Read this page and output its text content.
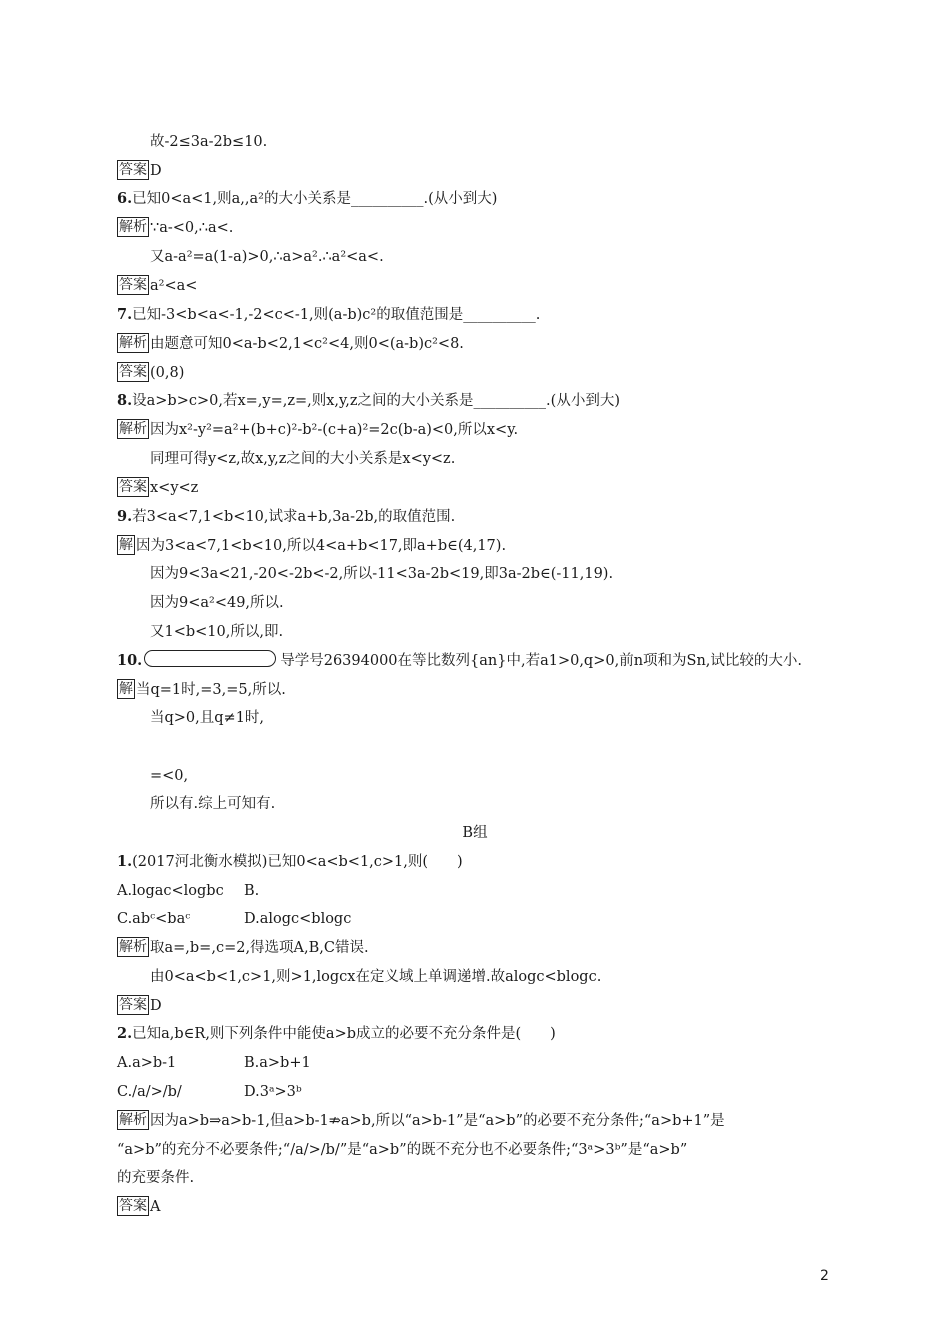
故-2≤3a-2b≤10.
答案 D
6.已知0<a<1,则a,,a²的大小关系是__________.(从小到大)
解析 ∵a-<0,∴a<.
又a-a²=a(1-a)>0,∴a>a².∴a²<a<.
答案 a²<a<
7.已知-3<b<a<-1,-2<c<-1,则(a-b)c²的取值范围是__________.
解析 由题意可知0<a-b<2,1<c²<4,则0<(a-b)c²<8.
答案 (0,8)
8.设a>b>c>0,若x=,y=,z=,则x,y,z之间的大小关系是__________.(从小到大)
解析 因为x²-y²=a²+(b+c)²-b²-(c+a)²=2c(b-a)<0,所以x<y.
同理可得y<z,故x,y,z之间的大小关系是x<y<z.
答案 x<y<z
9.若3<a<7,1<b<10,试求a+b,3a-2b,的取值范围.
解 因为3<a<7,1<b<10,所以4<a+b<17,即a+b∈(4,17).
因为9<3a<21,-20<-2b<-2,所以-11<3a-2b<19,即3a-2b∈(-11,19).
因为9<a²<49,所以.
又1<b<10,所以,即.
解 当q=1时,=3,=5,所以.
当q>0,且q≠1时,
=<0,
所以有.综上可知有.
1.(2017河北衡水模拟)已知0<a<b<1,c>1,则(　　)
解析 取a=,b=,c=2,得选项A,B,C错误.
由0<a<b<1,c>1,则>1,logcx在定义域上单调递增.故alogc<blogc.
答案 D
2.已知a,b∈R,则下列条件中能使a>b成立的必要不充分条件是(　　)
解析 因为a>b⇒a>b-1,但a>b-1⇏a>b,所以“a>b-1”是“a>b”的必要不充分条件;“a>b+1”是
“a>b”的充分不必要条件;“/a/>/b/”是“a>b”的既不充分也不必要条件;“3ᵃ>3ᵇ”是“a>b”
的充要条件.
答案 A
A.logac<logbc B.
C.abᶜ<baᶜ	D.alogc<blogc
A.a>b-1	B.a>b+1
C./a/>/b/	D.3ᵃ>3ᵇ
10.	导学号26394000在等比数列{an}中,若a1>0,q>0,前n项和为Sn,试比较的大小.
B组
2
